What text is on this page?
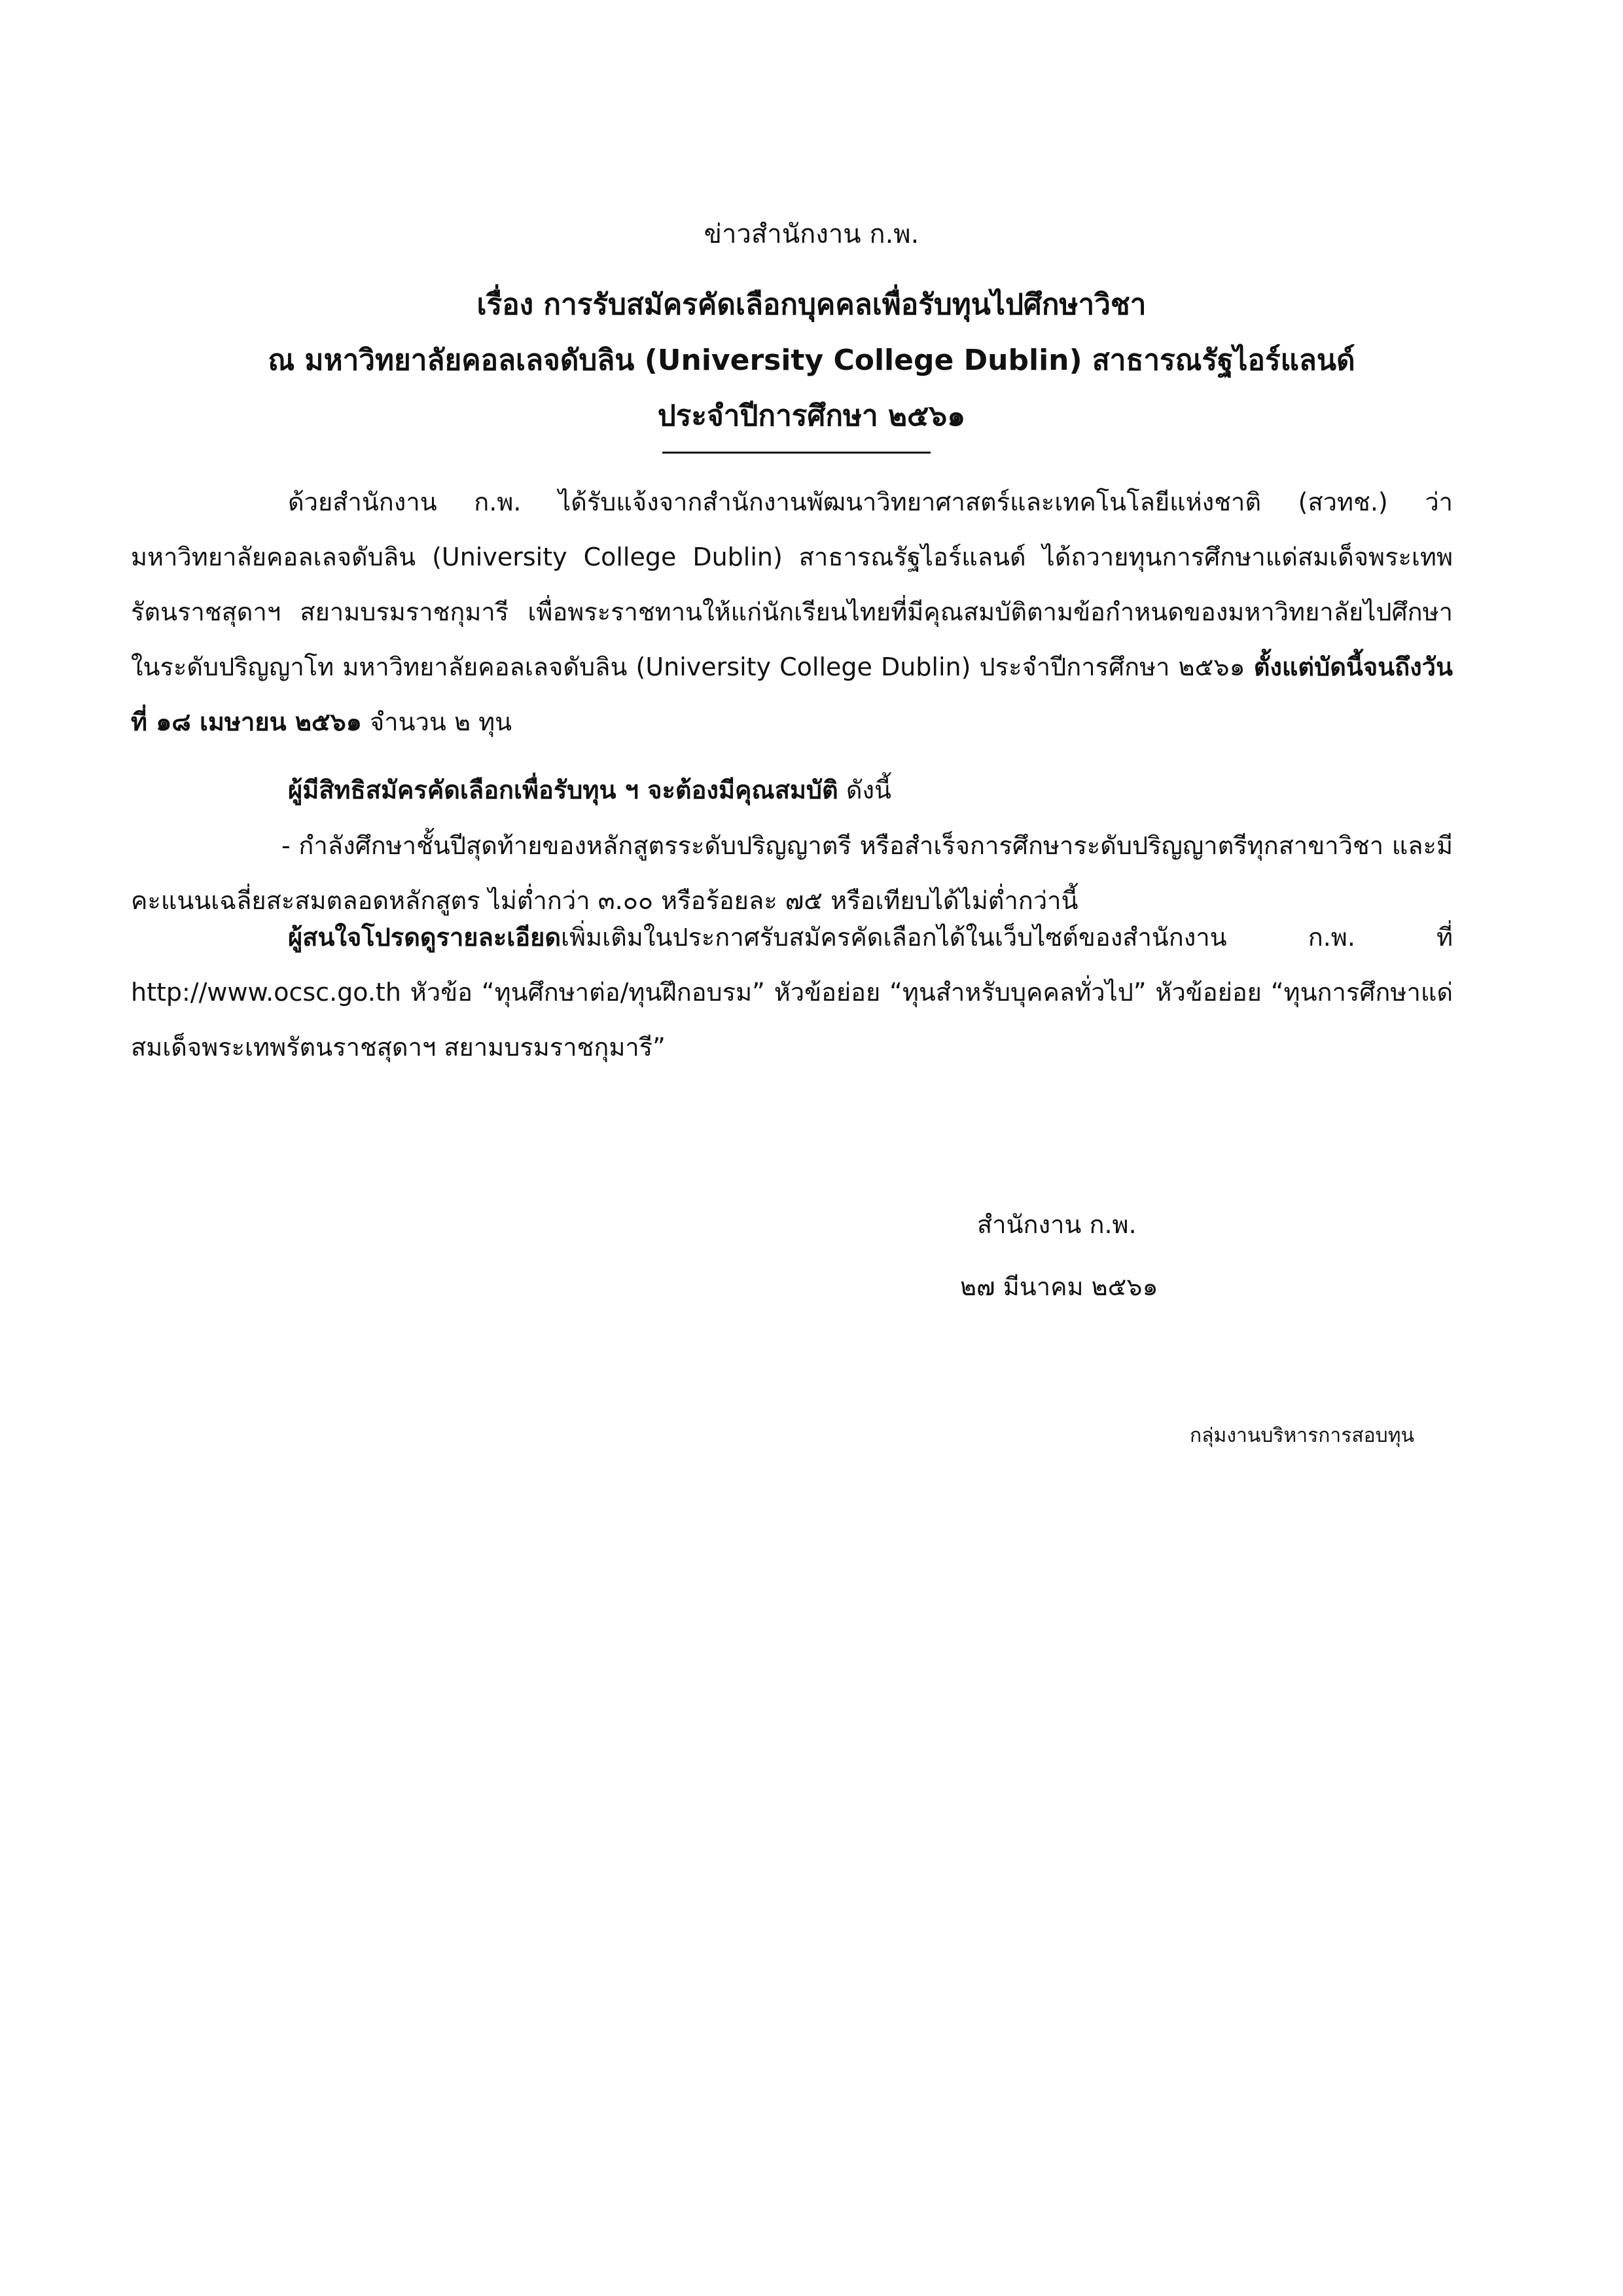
ข่าวสำนักงาน ก.พ.
เรื่อง การรับสมัครคัดเลือกบุคคลเพื่อรับทุนไปศึกษาวิชา
ณ มหาวิทยาลัยคอลเลจดับลิน (University College Dublin) สาธารณรัฐไอร์แลนด์
ประจำปีการศึกษา ๒๕๖๑

ด้วยสำนักงาน ก.พ. ได้รับแจ้งจากสำนักงานพัฒนาวิทยาศาสตร์และเทคโนโลยีแห่งชาติ (สวทช.) ว่ามหาวิทยาลัยคอลเลจดับลิน (University College Dublin) สาธารณรัฐไอร์แลนด์ ได้ถวายทุนการศึกษาแด่สมเด็จพระเทพรัตนราชสุดาฯ สยามบรมราชกุมารี เพื่อพระราชทานให้แก่นักเรียนไทยที่มีคุณสมบัติตามข้อกำหนดของมหาวิทยาลัยไปศึกษาในระดับปริญญาโท มหาวิทยาลัยคอลเลจดับลิน (University College Dublin) ประจำปีการศึกษา ๒๕๖๑ ตั้งแต่บัดนี้จนถึงวันที่ ๑๘ เมษายน ๒๕๖๑ จำนวน ๒ ทุน

ผู้มีสิทธิสมัครคัดเลือกเพื่อรับทุน ฯ จะต้องมีคุณสมบัติ ดังนี้

- กำลังศึกษาชั้นปีสุดท้ายของหลักสูตรระดับปริญญาตรี หรือสำเร็จการศึกษาระดับปริญญาตรีทุกสาขาวิชา และมีคะแนนเฉลี่ยสะสมตลอดหลักสูตร ไม่ต่ำกว่า ๓.๐๐ หรือร้อยละ ๗๕ หรือเทียบได้ไม่ต่ำกว่านี้

ผู้สนใจโปรดดูรายละเอียดเพิ่มเติมในประกาศรับสมัครคัดเลือกได้ในเว็บไซต์ของสำนักงาน ก.พ. ที่ http://www.ocsc.go.th หัวข้อ “ทุนศึกษาต่อ/ทุนฝึกอบรม” หัวข้อย่อย “ทุนสำหรับบุคคลทั่วไป” หัวข้อย่อย “ทุนการศึกษาแด่สมเด็จพระเทพรัตนราชสุดาฯ สยามบรมราชกุมารี”

สำนักงาน ก.พ.
๒๗ มีนาคม ๒๕๖๑
กลุ่มงานบริหารการสอบทุน
